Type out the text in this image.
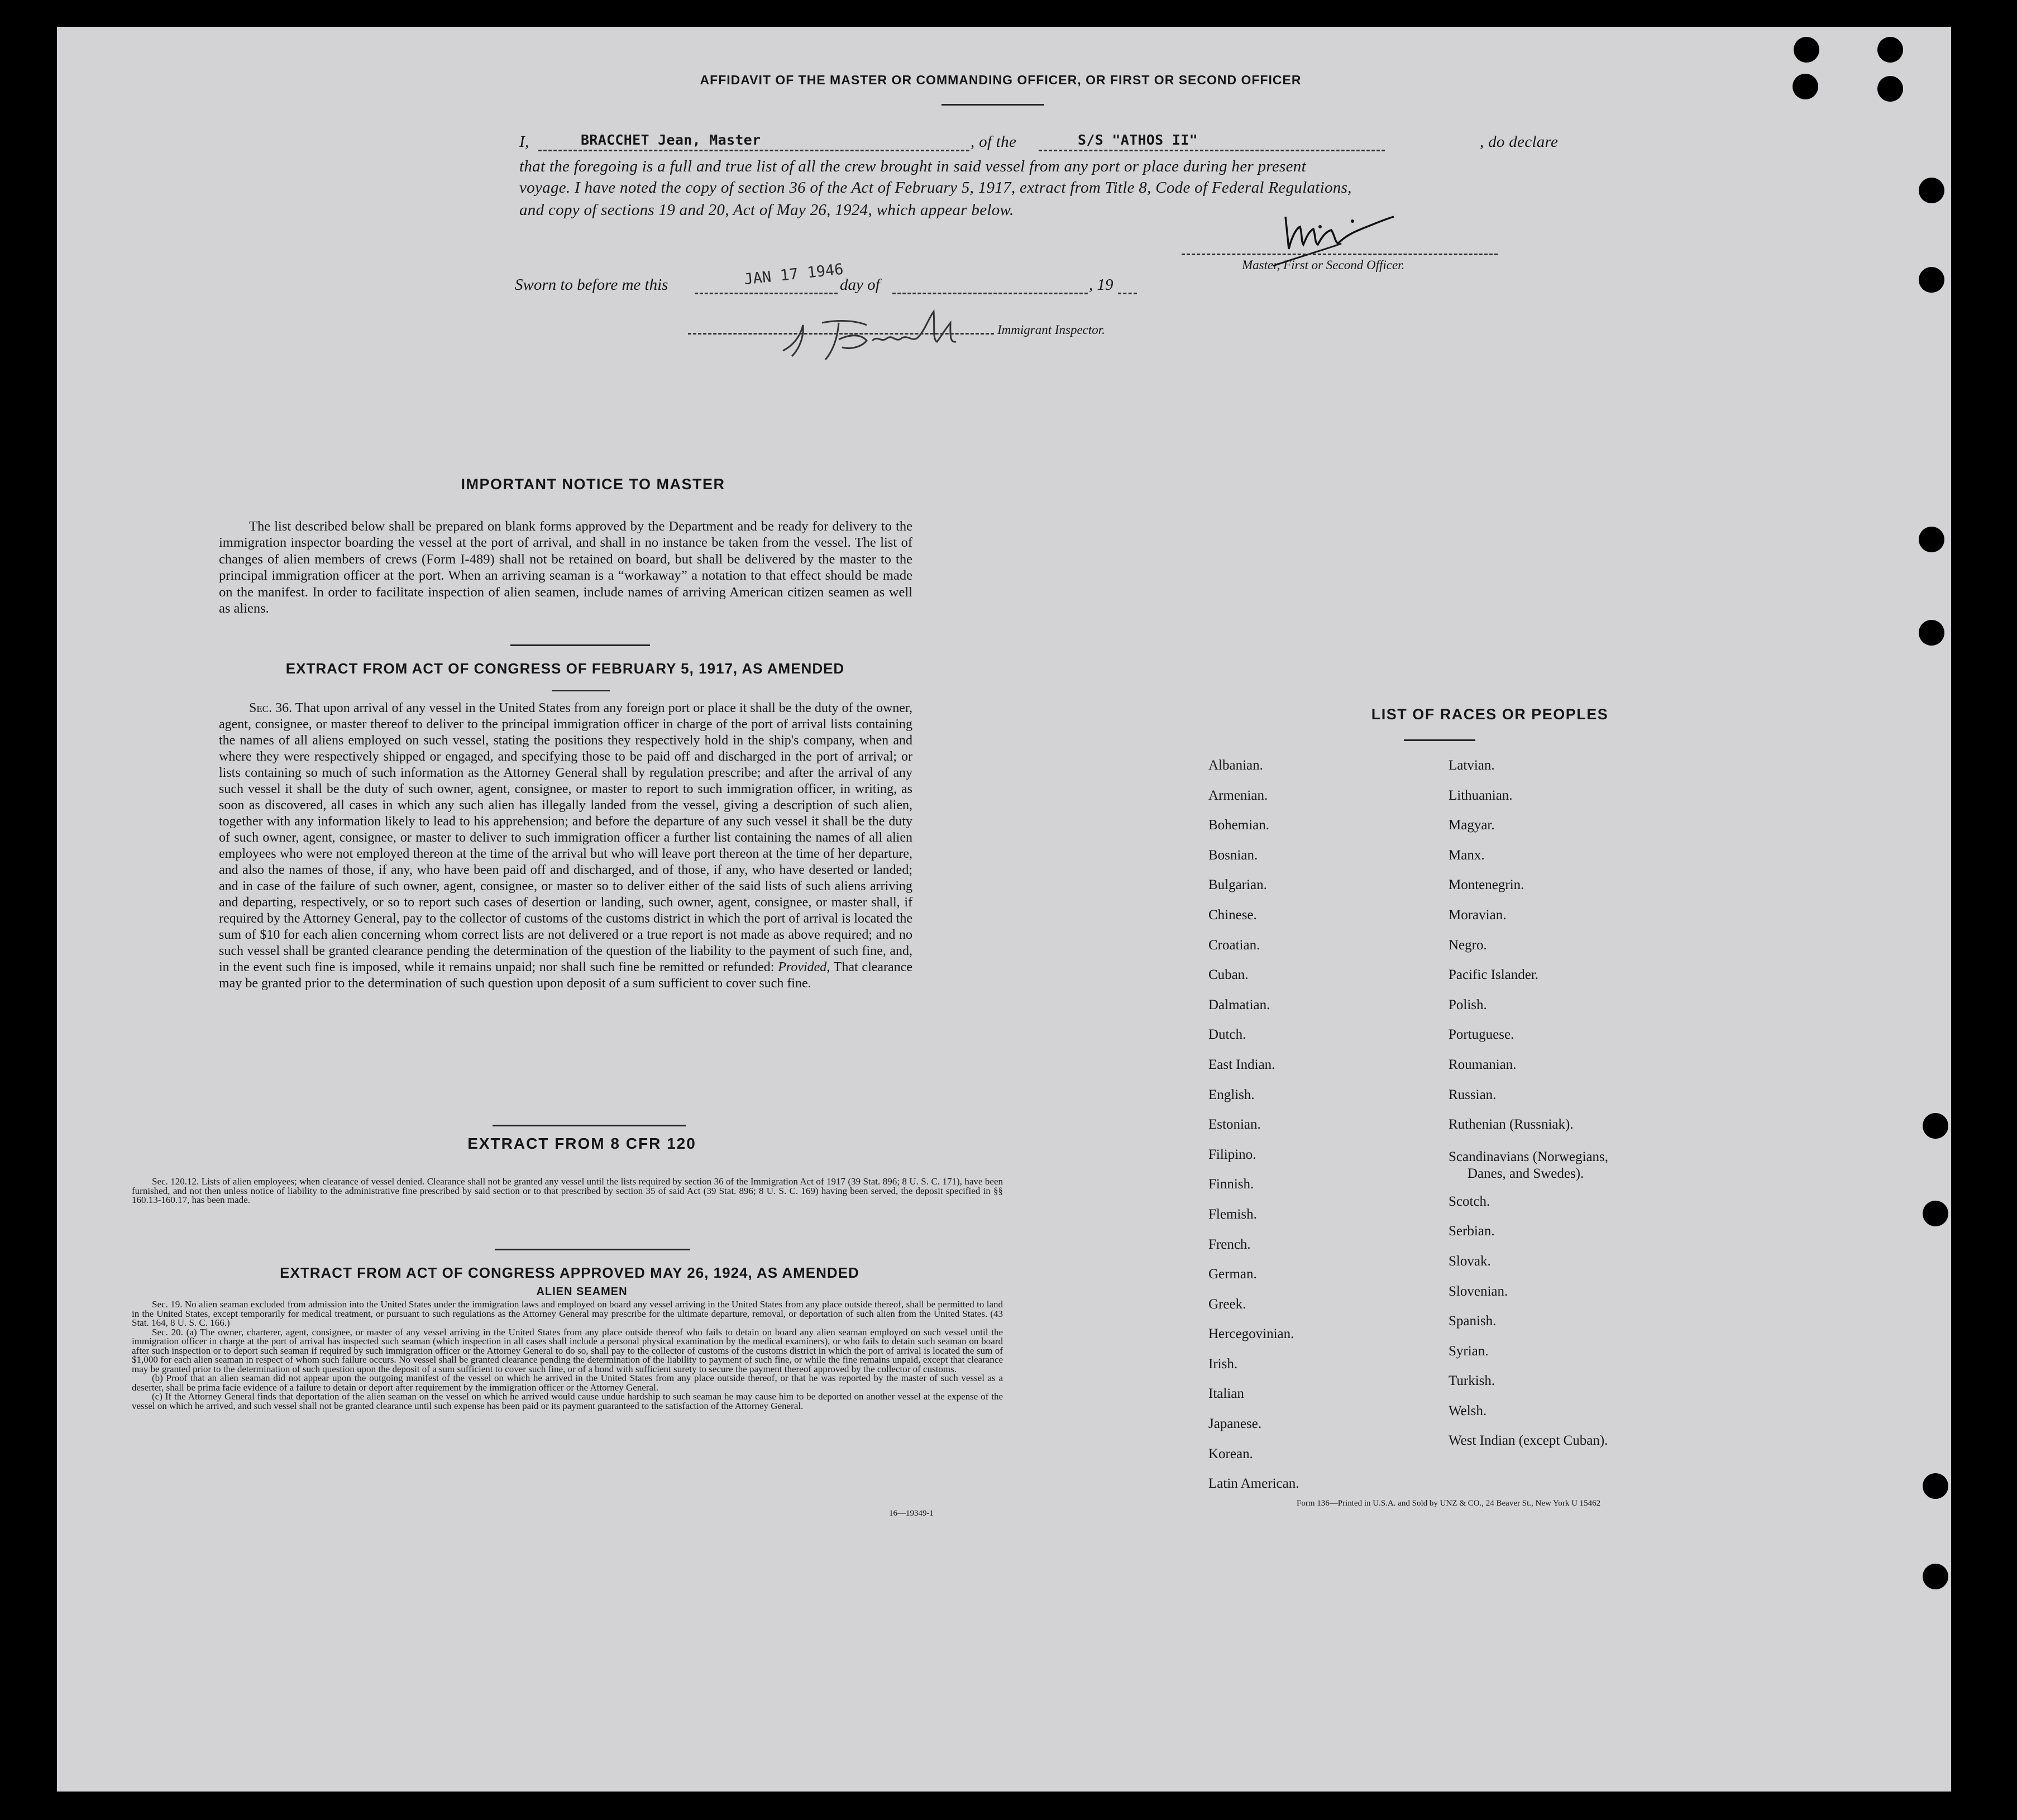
AFFIDAVIT OF THE MASTER OR COMMANDING OFFICER, OR FIRST OR SECOND OFFICER
I,	BRACCHET Jean, Master	, of the	S/S "ATHOS II"	, do declare
that the foregoing is a full and true list of all the crew brought in said vessel from any port or place during her present
voyage. I have noted the copy of section 36 of the Act of February 5, 1917, extract from Title 8, Code of Federal Regulations,
and copy of sections 19 and 20, Act of May 26, 1924, which appear below.
Master, First or Second Officer.
Sworn to before me this	JAN 17 1946
day of	, 19
Immigrant Inspector.
IMPORTANT NOTICE TO MASTER
The list described below shall be prepared on blank forms approved by the Department and be ready for delivery to the immigration inspector boarding the vessel at the port of arrival, and shall in no instance be taken from the vessel. The list of changes of alien members of crews (Form I-489) shall not be retained on board, but shall be delivered by the master to the principal immigration officer at the port. When an arriving seaman is a “workaway” a notation to that effect should be made on the manifest. In order to facilitate inspection of alien seamen, include names of arriving American citizen seamen as well as aliens.
EXTRACT FROM ACT OF CONGRESS OF FEBRUARY 5, 1917, AS AMENDED
Sec. 36. That upon arrival of any vessel in the United States from any foreign port or place it shall be the duty of the owner, agent, consignee, or master thereof to deliver to the principal immigration officer in charge of the port of arrival lists containing the names of all aliens employed on such vessel, stating the positions they respectively hold in the ship's company, when and where they were respectively shipped or engaged, and specifying those to be paid off and discharged in the port of arrival; or lists containing so much of such information as the Attorney General shall by regulation prescribe; and after the arrival of any such vessel it shall be the duty of such owner, agent, consignee, or master to report to such immigration officer, in writing, as soon as discovered, all cases in which any such alien has illegally landed from the vessel, giving a description of such alien, together with any information likely to lead to his apprehension; and before the departure of any such vessel it shall be the duty of such owner, agent, consignee, or master to deliver to such immigration officer a further list containing the names of all alien employees who were not employed thereon at the time of the arrival but who will leave port thereon at the time of her departure, and also the names of those, if any, who have been paid off and discharged, and of those, if any, who have deserted or landed; and in case of the failure of such owner, agent, consignee, or master so to deliver either of the said lists of such aliens arriving and departing, respectively, or so to report such cases of desertion or landing, such owner, agent, consignee, or master shall, if required by the Attorney General, pay to the collector of customs of the customs district in which the port of arrival is located the sum of $10 for each alien concerning whom correct lists are not delivered or a true report is not made as above required; and no such vessel shall be granted clearance pending the determination of the question of the liability to the payment of such fine, and, in the event such fine is imposed, while it remains unpaid; nor shall such fine be remitted or refunded: Provided, That clearance may be granted prior to the determination of such question upon deposit of a sum sufficient to cover such fine.
EXTRACT FROM 8 CFR 120
Sec. 120.12. Lists of alien employees; when clearance of vessel denied. Clearance shall not be granted any vessel until the lists required by section 36 of the Immigration Act of 1917 (39 Stat. 896; 8 U. S. C. 171), have been furnished, and not then unless notice of liability to the administrative fine prescribed by said section or to that prescribed by section 35 of said Act (39 Stat. 896; 8 U. S. C. 169) having been served, the deposit specified in §§ 160.13-160.17, has been made.
EXTRACT FROM ACT OF CONGRESS APPROVED MAY 26, 1924, AS AMENDED
ALIEN SEAMEN
Sec. 19. No alien seaman excluded from admission into the United States under the immigration laws and employed on board any vessel arriving in the United States from any place outside thereof, shall be permitted to land in the United States, except temporarily for medical treatment, or pursuant to such regulations as the Attorney General may prescribe for the ultimate departure, removal, or deportation of such alien from the United States. (43 Stat. 164, 8 U. S. C. 166.)
Sec. 20. (a) The owner, charterer, agent, consignee, or master of any vessel arriving in the United States from any place outside thereof who fails to detain on board any alien seaman employed on such vessel until the immigration officer in charge at the port of arrival has inspected such seaman (which inspection in all cases shall include a personal physical examination by the medical examiners), or who fails to detain such seaman on board after such inspection or to deport such seaman if required by such immigration officer or the Attorney General to do so, shall pay to the collector of customs of the customs district in which the port of arrival is located the sum of $1,000 for each alien seaman in respect of whom such failure occurs. No vessel shall be granted clearance pending the determination of the liability to payment of such fine, or while the fine remains unpaid, except that clearance may be granted prior to the determination of such question upon the deposit of a sum sufficient to cover such fine, or of a bond with sufficient surety to secure the payment thereof approved by the collector of customs.
(b) Proof that an alien seaman did not appear upon the outgoing manifest of the vessel on which he arrived in the United States from any place outside thereof, or that he was reported by the master of such vessel as a deserter, shall be prima facie evidence of a failure to detain or deport after requirement by the immigration officer or the Attorney General.
(c) If the Attorney General finds that deportation of the alien seaman on the vessel on which he arrived would cause undue hardship to such seaman he may cause him to be deported on another vessel at the expense of the vessel on which he arrived, and such vessel shall not be granted clearance until such expense has been paid or its payment guaranteed to the satisfaction of the Attorney General.
16—19349-1
LIST OF RACES OR PEOPLES
Albanian.
Armenian.
Bohemian.
Bosnian.
Bulgarian.
Chinese.
Croatian.
Cuban.
Dalmatian.
Dutch.
East Indian.
English.
Estonian.
Filipino.
Finnish.
Flemish.
French.
German.
Greek.
Hercegovinian.
Irish.
Italian
Japanese.
Korean.
Latin American.
Latvian.
Lithuanian.
Magyar.
Manx.
Montenegrin.
Moravian.
Negro.
Pacific Islander.
Polish.
Portuguese.
Roumanian.
Russian.
Ruthenian (Russniak).
Scandinavians (Norwegians,
Danes, and Swedes).
Scotch.
Serbian.
Slovak.
Slovenian.
Spanish.
Syrian.
Turkish.
Welsh.
West Indian (except Cuban).
Form 136—Printed in U.S.A. and Sold by UNZ & CO., 24 Beaver St., New York U 15462
